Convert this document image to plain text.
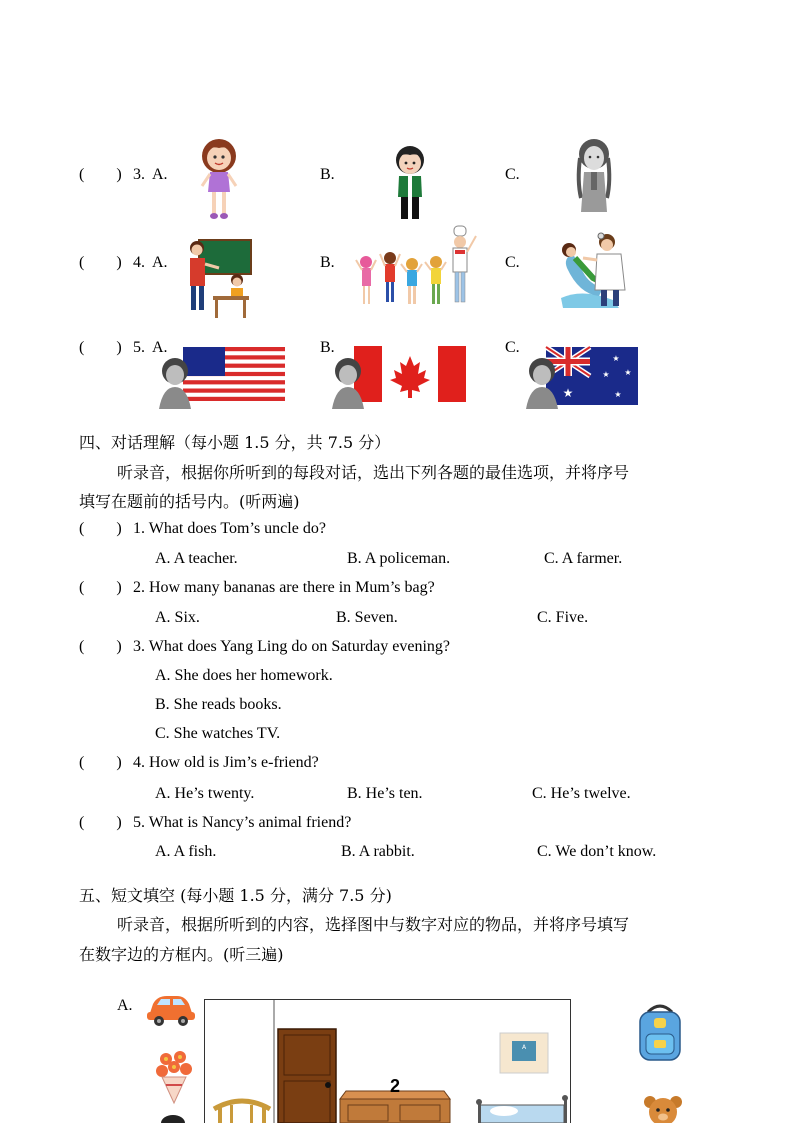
(        ) 3. A.	B.	C.
(        ) 4. A.	B.	C.
(        ) 5. A.	B.	C.
★
★
★ ★
★
四、对话理解（每小题 1.5 分，共 7.5 分）
听录音，根据你所听到的每段对话，选出下列各题的最佳选项，并将序号
填写在题前的括号内。(听两遍)
(        ) 1. What does Tom’s uncle do?
A. A teacher.	B. A policeman.	C. A farmer.
(        ) 2. How many bananas are there in Mum’s bag?
A. Six.	B. Seven.	C. Five.
(        ) 3. What does Yang Ling do on Saturday evening?
A. She does her homework.
B. She reads books.
C. She watches TV.
(        ) 4. How old is Jim’s e-friend?
A. He’s twenty.	B. He’s ten.	C. He’s twelve.
(        ) 5. What is Nancy’s animal friend?
A. A fish.	B. A rabbit.	C. We don’t know.
五、短文填空 (每小题 1.5 分，满分 7.5 分)
听录音，根据所听到的内容，选择图中与数字对应的物品，并将序号填写
在数字边的方框内。(听三遍)
A.
A
2
